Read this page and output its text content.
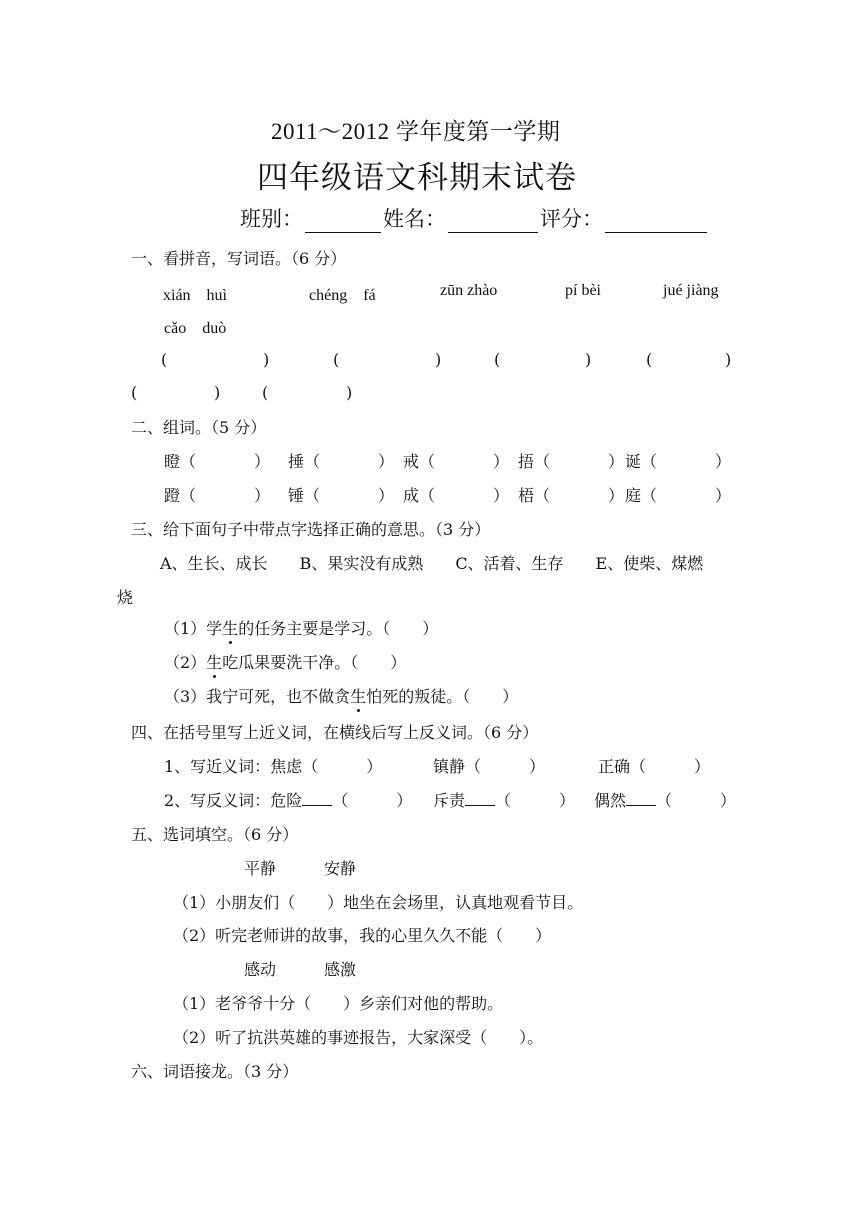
2011～2012 学年度第一学期
四年级语文科期末试卷
班别：	姓名：	评分：
一、看拼音，写词语。（6 分）
xián　huì	chéng　fá	zūn zhào	pí bèi	jué jiàng
cǎo　duò
(	)	(	)	(	)	(	)
(	)	(	)
二、组词。（5 分）
瞪（	） 捶（	） 戒（	） 捂（	） 诞（	）
蹬（	） 锤（	） 成（	） 梧（	） 庭（	）
三、给下面句子中带点字选择正确的意思。（3 分）
A、生长、成长　　B、果实没有成熟　　C、活着、生存　　E、使柴、煤燃
烧
（1）学生的任务主要是学习。（　　）
（2）生吃瓜果要洗干净。（　　）
（3）我宁可死，也不做贪生怕死的叛徒。（　　）
四、在括号里写上近义词，在横线后写上反义词。（6 分）
1、写近义词：焦虑（　　　）	镇静（　　　）	正确（　　　）
2、写反义词：危险 （　　　） 斥责 （　　　） 偶然 （　　　）
五、选词填空。（6 分）
平静　　　安静
（1）小朋友们（　　）地坐在会场里，认真地观看节目。
（2）听完老师讲的故事，我的心里久久不能（　　）
感动　　　感激
（1）老爷爷十分（　　）乡亲们对他的帮助。
（2）听了抗洪英雄的事迹报告，大家深受（　　）。
六、词语接龙。（3 分）
